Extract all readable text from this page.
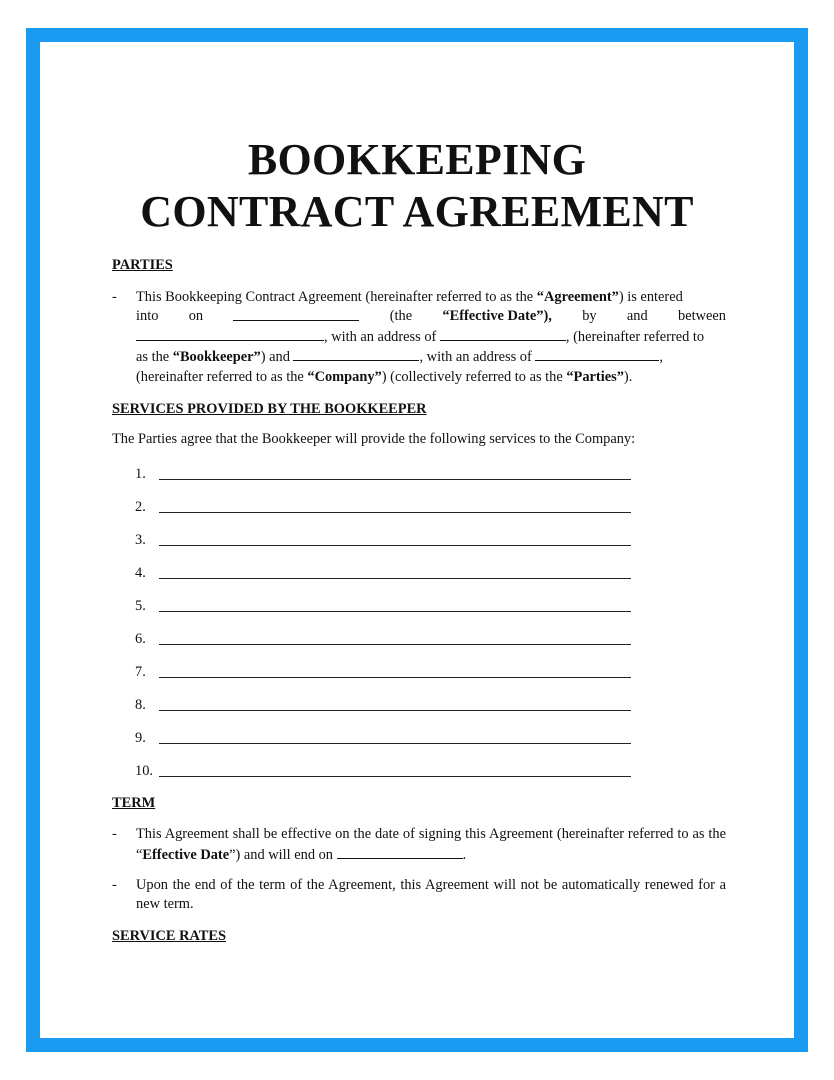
BOOKKEEPING
CONTRACT AGREEMENT
PARTIES
-	This Bookkeeping Contract Agreement (hereinafter referred to as the “Agreement”) is entered
into on	(the “Effective Date”), by and between
, with an address of	, (hereinafter referred to
as the “Bookkeeper”) and	, with an address of	,
(hereinafter referred to as the “Company”) (collectively referred to as the “Parties”).
SERVICES PROVIDED BY THE BOOKKEEPER
The Parties agree that the Bookkeeper will provide the following services to the Company:
1.
2.
3.
4.
5.
6.
7.
8.
9.
10.
TERM
-	This Agreement shall be effective on the date of signing this Agreement (hereinafter referred to as the “Effective Date”) and will end on	.
-	Upon the end of the term of the Agreement, this Agreement will not be automatically renewed for a new term.
SERVICE RATES
